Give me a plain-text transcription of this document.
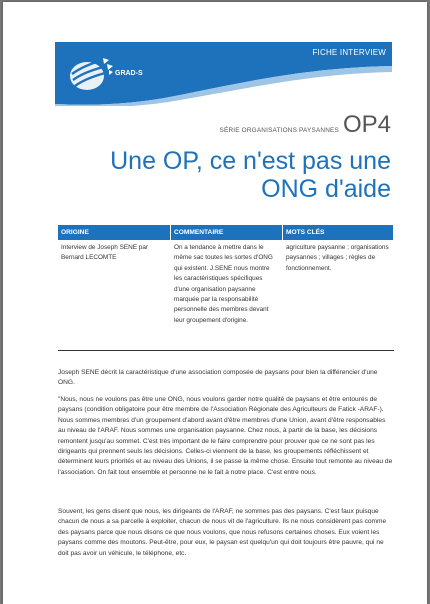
FICHE INTERVIEW
GRAD-S
SÉRIE ORGANISATIONS PAYSANNES OP4
Une OP, ce n'est pas une ONG d'aide
ORIGINE	COMMENTAIRE	MOTS CLÉS
Interview de Joseph SENE par Bernard LECOMTE
On a tendance à mettre dans le même sac toutes les sortes d'ONG qui existent. J.SENE nous montre les caractéristiques spécifiques d'une organisation paysanne marquée par la responsabilité personnelle des membres devant leur groupement d'origine.
agriculture paysanne ; organisations paysannes ; villages ; règles de fonctionnement.

Joseph SENE décrit la caractéristique d'une association composée de paysans pour bien la différencier d'une ONG.

"Nous, nous ne voulons pas être une ONG, nous voulons garder notre qualité de paysans et être entourés de paysans (condition obligatoire pour être membre de l'Association Régionale des Agriculteurs de Fatick -ARAF-). Nous sommes membres d'un groupement d'abord avant d'être membres d'une Union, avant d'être responsables au niveau de l'ARAF. Nous sommes une organisation paysanne. Chez nous, à partir de la base, les décisions remontent jusqu'au sommet. C'est très important de le faire comprendre pour prouver que ce ne sont pas les dirigeants qui prennent seuls les décisions. Celles-ci viennent de la base, les groupements réfléchissent et déterminent leurs priorités et au niveau des Unions, il se passe la même chose. Ensuite tout remonte au niveau de l'association. On fait tout ensemble et personne ne le fait à notre place. C'est entre nous.

Souvent, les gens disent que nous, les dirigeants de l'ARAF, ne sommes pas des paysans. C'est faux puisque chacun de nous a sa parcelle à exploiter, chacun de nous vit de l'agriculture. Ils ne nous considèrent pas comme des paysans parce que nous disons ce que nous voulons, que nous refusons certaines choses. Eux voient les paysans comme des moutons. Peut-être, pour eux, le paysan est quelqu'un qui doit toujours être pauvre, qui ne doit pas avoir un véhicule, le téléphone, etc.
